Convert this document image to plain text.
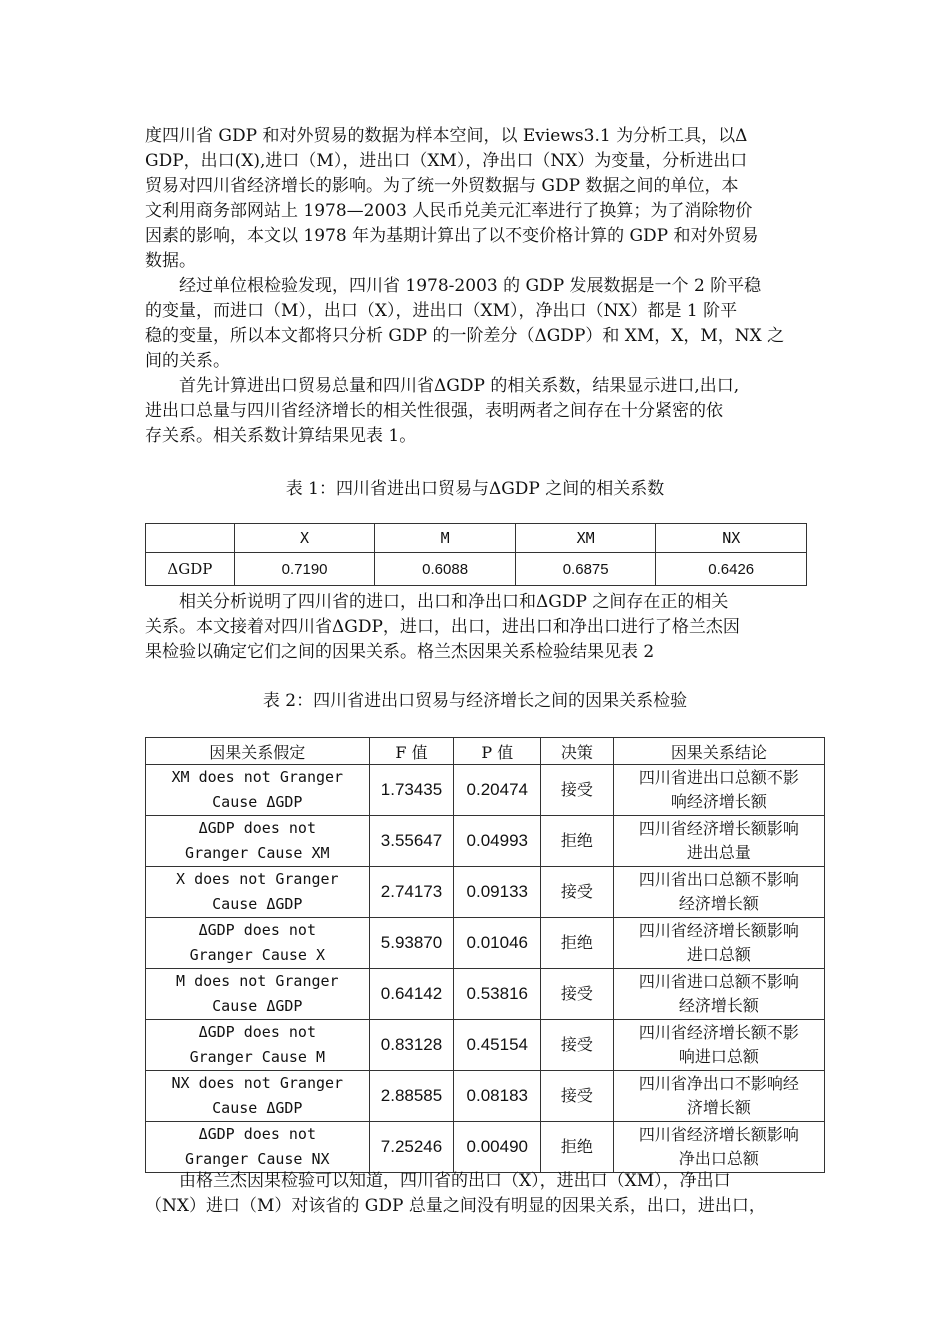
度四川省 GDP 和对外贸易的数据为样本空间，以 Eviews3.1 为分析工具，以Δ
GDP，出口(X),进口（M），进出口（XM），净出口（NX）为变量，分析进出口
贸易对四川省经济增长的影响。为了统一外贸数据与 GDP 数据之间的单位，本
文利用商务部网站上 1978—2003 人民币兑美元汇率进行了换算；为了消除物价
因素的影响，本文以 1978 年为基期计算出了以不变价格计算的 GDP 和对外贸易
数据。
　　经过单位根检验发现，四川省 1978-2003 的 GDP 发展数据是一个 2 阶平稳
的变量，而进口（M），出口（X），进出口（XM），净出口（NX）都是 1 阶平
稳的变量，所以本文都将只分析 GDP 的一阶差分（ΔGDP）和 XM，X，M，NX 之
间的关系。
　　首先计算进出口贸易总量和四川省ΔGDP 的相关系数，结果显示进口,出口,
进出口总量与四川省经济增长的相关性很强，表明两者之间存在十分紧密的依
存关系。相关系数计算结果见表 1。
表 1：四川省进出口贸易与ΔGDP 之间的相关系数
	X	M	XM	NX
ΔGDP	0.7190	0.6088	0.6875	0.6426
　　相关分析说明了四川省的进口，出口和净出口和ΔGDP 之间存在正的相关
关系。本文接着对四川省ΔGDP，进口，出口，进出口和净出口进行了格兰杰因
果检验以确定它们之间的因果关系。格兰杰因果关系检验结果见表 2
表 2：四川省进出口贸易与经济增长之间的因果关系检验
因果关系假定	F 值	P 值	决策	因果关系结论
XM does not Granger
Cause ΔGDP	1.73435	0.20474	接受	四川省进出口总额不影
响经济增长额
ΔGDP does not
Granger Cause XM	3.55647	0.04993	拒绝	四川省经济增长额影响
进出总量
X does not Granger
Cause ΔGDP	2.74173	0.09133	接受	四川省出口总额不影响
经济增长额
ΔGDP does not
Granger Cause X	5.93870	0.01046	拒绝	四川省经济增长额影响
进口总额
M does not Granger
Cause ΔGDP	0.64142	0.53816	接受	四川省进口总额不影响
经济增长额
ΔGDP does not
Granger Cause M	0.83128	0.45154	接受	四川省经济增长额不影
响进口总额
NX does not Granger
Cause ΔGDP	2.88585	0.08183	接受	四川省净出口不影响经
济增长额
ΔGDP does not
Granger Cause NX	7.25246	0.00490	拒绝	四川省经济增长额影响
净出口总额
　　由格兰杰因果检验可以知道，四川省的出口（X），进出口（XM），净出口
（NX）进口（M）对该省的 GDP 总量之间没有明显的因果关系，出口，进出口，
